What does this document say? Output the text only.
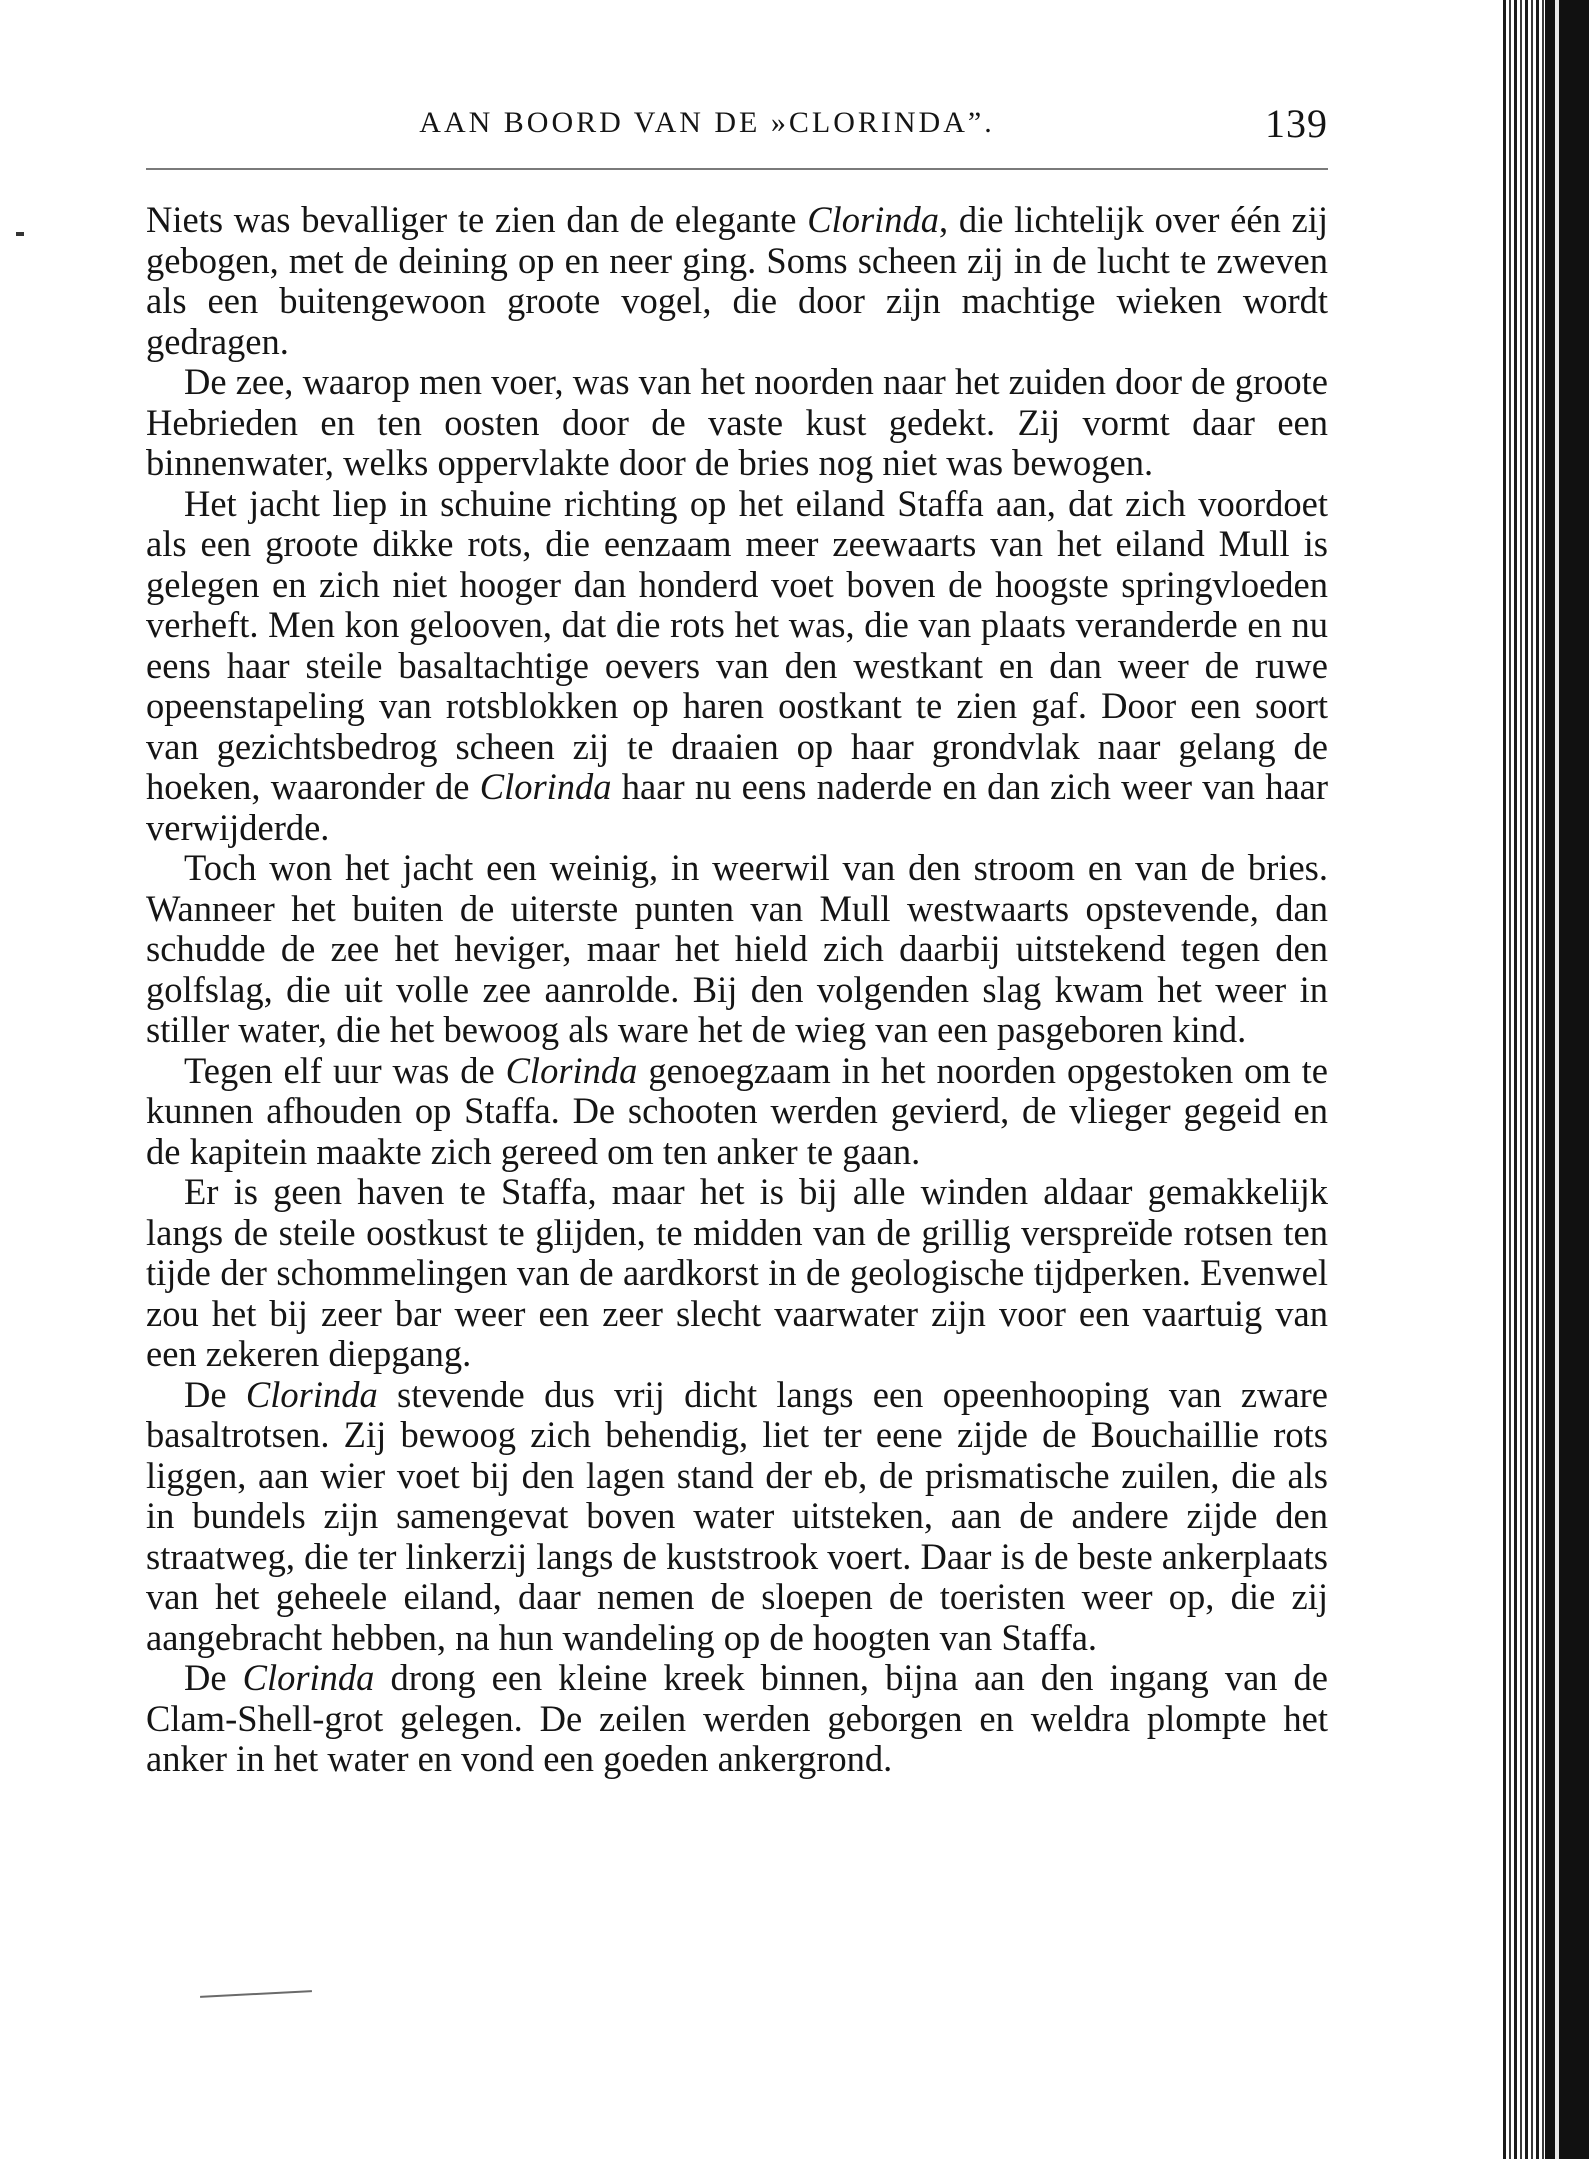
AAN BOORD VAN DE »CLORINDA”.	139

Niets was bevalliger te zien dan de elegante Clorinda, die lichtelijk over één zij gebogen, met de deining op en neer ging. Soms scheen zij in de lucht te zweven als een buitengewoon groote vogel, die door zijn machtige wieken wordt gedragen.

De zee, waarop men voer, was van het noorden naar het zuiden door de groote Hebrieden en ten oosten door de vaste kust gedekt. Zij vormt daar een binnenwater, welks oppervlakte door de bries nog niet was bewogen.

Het jacht liep in schuine richting op het eiland Staffa aan, dat zich voordoet als een groote dikke rots, die eenzaam meer zeewaarts van het eiland Mull is gelegen en zich niet hooger dan honderd voet boven de hoogste springvloeden verheft. Men kon gelooven, dat die rots het was, die van plaats veranderde en nu eens haar steile basaltachtige oevers van den westkant en dan weer de ruwe opeenstapeling van rotsblokken op haren oostkant te zien gaf. Door een soort van gezichtsbedrog scheen zij te draaien op haar grondvlak naar gelang de hoeken, waaronder de Clorinda haar nu eens naderde en dan zich weer van haar verwijderde.

Toch won het jacht een weinig, in weerwil van den stroom en van de bries. Wanneer het buiten de uiterste punten van Mull westwaarts opstevende, dan schudde de zee het heviger, maar het hield zich daarbij uitstekend tegen den golfslag, die uit volle zee aanrolde. Bij den volgenden slag kwam het weer in stiller water, die het bewoog als ware het de wieg van een pasgeboren kind.

Tegen elf uur was de Clorinda genoegzaam in het noorden opgestoken om te kunnen afhouden op Staffa. De schooten werden gevierd, de vlieger gegeid en de kapitein maakte zich gereed om ten anker te gaan.

Er is geen haven te Staffa, maar het is bij alle winden aldaar gemakkelijk langs de steile oostkust te glijden, te midden van de grillig verspreïde rotsen ten tijde der schommelingen van de aardkorst in de geologische tijdperken. Evenwel zou het bij zeer bar weer een zeer slecht vaarwater zijn voor een vaartuig van een zekeren diepgang.

De Clorinda stevende dus vrij dicht langs een opeenhooping van zware basaltrotsen. Zij bewoog zich behendig, liet ter eene zijde de Bouchaillie rots liggen, aan wier voet bij den lagen stand der eb, de prismatische zuilen, die als in bundels zijn samengevat boven water uitsteken, aan de andere zijde den straatweg, die ter linkerzij langs de kuststrook voert. Daar is de beste ankerplaats van het geheele eiland, daar nemen de sloepen de toeristen weer op, die zij aangebracht hebben, na hun wandeling op de hoogten van Staffa.

De Clorinda drong een kleine kreek binnen, bijna aan den ingang van de Clam-Shell-grot gelegen. De zeilen werden geborgen en weldra plompte het anker in het water en vond een goeden ankergrond.
